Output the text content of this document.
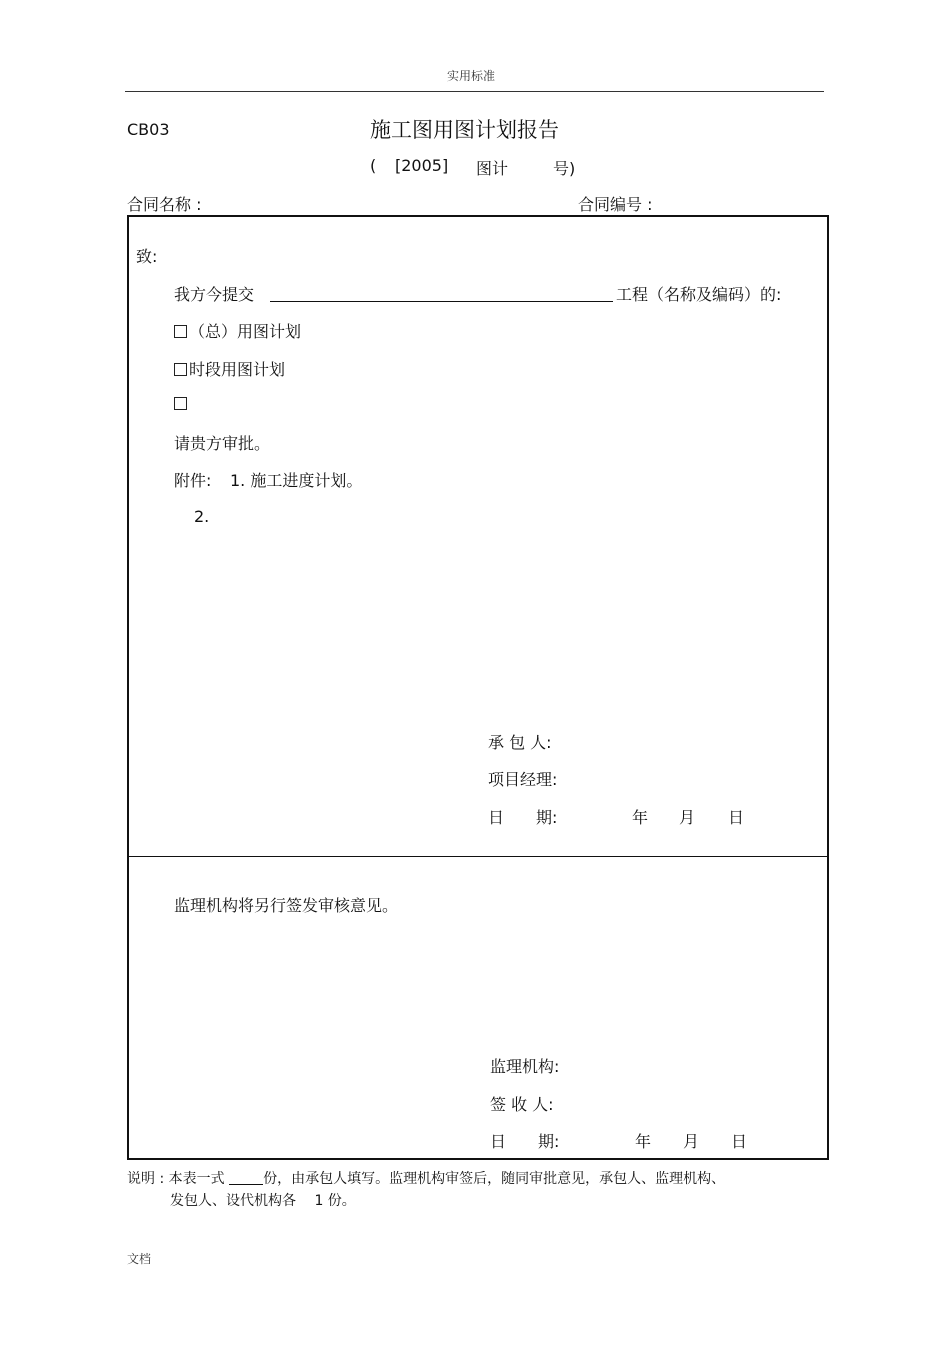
实用标准
CB03	施工图用图计划报告
( [2005] 图计	号)
合同名称 :	合同编号 :
致:
我方今提交	工程（名称及编码）的:
（总）用图计划
时段用图计划
请贵方审批。
附件: 1. 施工进度计划。
2.
承 包 人:
项目经理:
日　　期:	年 月 日
监理机构将另行签发审核意见。
监理机构:
签 收 人:
日　　期:	年 月 日
说明 : 本表一式	份，由承包人填写。监理机构审签后，随同审批意见，承包人、监理机构、
发包人、设代机构各　 1 份。
文档
